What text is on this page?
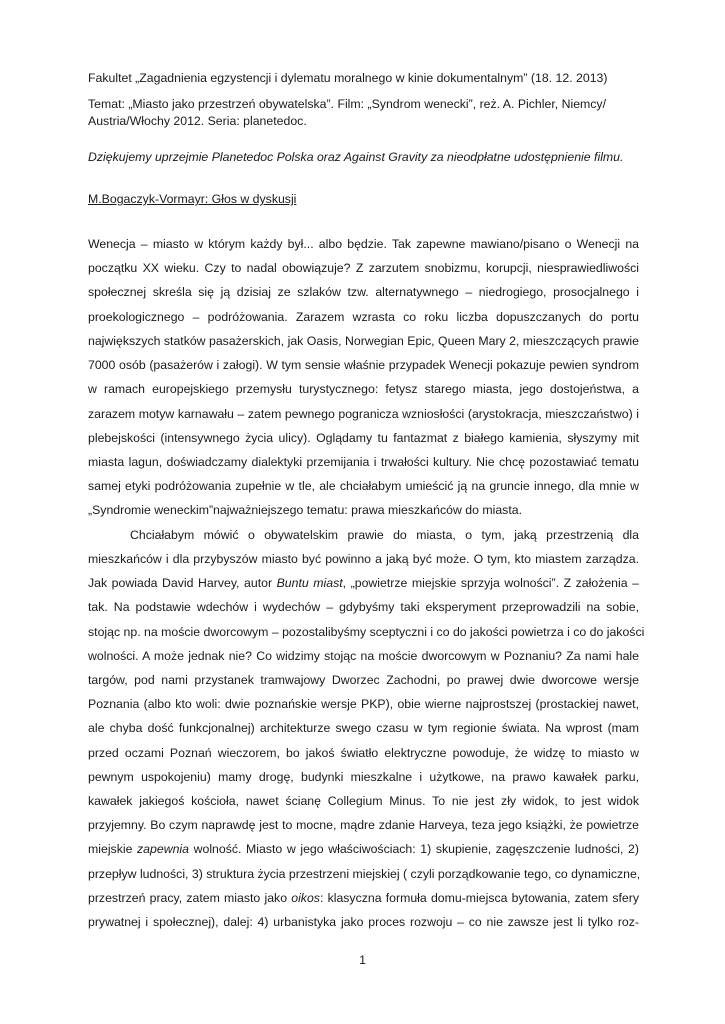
Fakultet „Zagadnienia egzystencji i dylematu moralnego w kinie dokumentalnym” (18. 12. 2013)

Temat: „Miasto jako przestrzeń obywatelska”. Film: „Syndrom wenecki”, reż. A. Pichler, Niemcy/
Austria/Włochy 2012. Seria: planetedoc.

Dziękujemy uprzejmie Planetedoc Polska oraz Against Gravity za nieodpłatne udostępnienie filmu.

M.Bogaczyk-Vormayr: Głos w dyskusji

Wenecja – miasto w którym każdy był... albo będzie. Tak zapewne mawiano/pisano o Wenecji na
początku XX wieku. Czy to nadal obowiązuje? Z zarzutem snobizmu, korupcji, niesprawiedliwości
społecznej skreśla się ją dzisiaj ze szlaków tzw. alternatywnego – niedrogiego, prosocjalnego i
proekologicznego – podróżowania. Zarazem wzrasta co roku liczba dopuszczanych do portu
największych statków pasażerskich, jak Oasis, Norwegian Epic, Queen Mary 2, mieszczących prawie
7000 osób (pasażerów i załogi). W tym sensie właśnie przypadek Wenecji pokazuje pewien syndrom
w ramach europejskiego przemysłu turystycznego: fetysz starego miasta, jego dostojeństwa, a
zarazem motyw karnawału – zatem pewnego pogranicza wzniosłości (arystokracja, mieszczaństwo) i
plebejskości (intensywnego życia ulicy). Oglądamy tu fantazmat z białego kamienia, słyszymy mit
miasta lagun, doświadczamy dialektyki przemijania i trwałości kultury. Nie chcę pozostawiać tematu
samej etyki podróżowania zupełnie w tle, ale chciałabym umieścić ją na gruncie innego, dla mnie w
„Syndromie weneckim”najważniejszego tematu: prawa mieszkańców do miasta.
Chciałabym mówić o obywatelskim prawie do miasta, o tym, jaką przestrzenią dla
mieszkańców i dla przybyszów miasto być powinno a jaką być może. O tym, kto miastem zarządza.
Jak powiada David Harvey, autor Buntu miast, „powietrze miejskie sprzyja wolności”. Z założenia –
tak. Na podstawie wdechów i wydechów – gdybyśmy taki eksperyment przeprowadzili na sobie,
stojąc np. na moście dworcowym – pozostalibyśmy sceptyczni i co do jakości powietrza i co do jakości
wolności. A może jednak nie? Co widzimy stojąc na moście dworcowym w Poznaniu? Za nami hale
targów, pod nami przystanek tramwajowy Dworzec Zachodni, po prawej dwie dworcowe wersje
Poznania (albo kto woli: dwie poznańskie wersje PKP), obie wierne najprostszej (prostackiej nawet,
ale chyba dość funkcjonalnej) architekturze swego czasu w tym regionie świata. Na wprost (mam
przed oczami Poznań wieczorem, bo jakoś światło elektryczne powoduje, że widzę to miasto w
pewnym uspokojeniu) mamy drogę, budynki mieszkalne i użytkowe, na prawo kawałek parku,
kawałek jakiegoś kościoła, nawet ścianę Collegium Minus. To nie jest zły widok, to jest widok
przyjemny. Bo czym naprawdę jest to mocne, mądre zdanie Harveya, teza jego książki, że powietrze
miejskie zapewnia wolność. Miasto w jego właściwościach: 1) skupienie, zagęszczenie ludności, 2)
przepływ ludności, 3) struktura życia przestrzeni miejskiej ( czyli porządkowanie tego, co dynamiczne,
przestrzeń pracy, zatem miasto jako oikos: klasyczna formuła domu-miejsca bytowania, zatem sfery
prywatnej i społecznej), dalej: 4) urbanistyka jako proces rozwoju – co nie zawsze jest li tylko roz-
1
